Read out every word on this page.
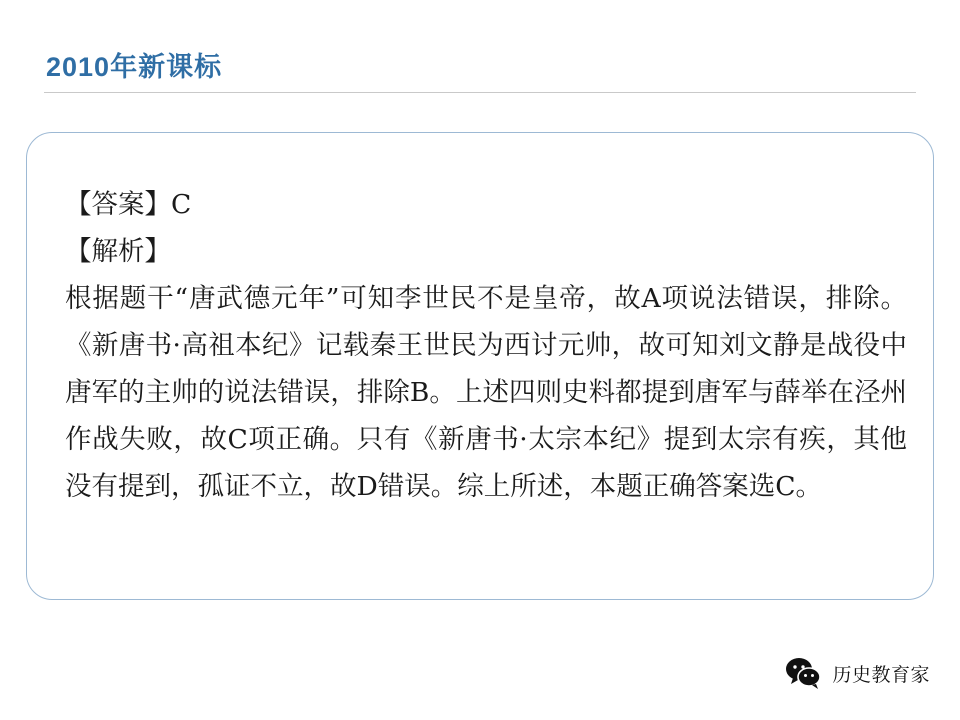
2010年新课标

【答案】C

【解析】

根据题干“唐武德元年”可知李世民不是皇帝，故A项说法错误，排除。《新唐书·高祖本纪》记载秦王世民为西讨元帅，故可知刘文静是战役中唐军的主帅的说法错误，排除B。上述四则史料都提到唐军与薛举在泾州作战失败，故C项正确。只有《新唐书·太宗本纪》提到太宗有疾，其他没有提到，孤证不立，故D错误。综上所述，本题正确答案选C。

历史教育家
